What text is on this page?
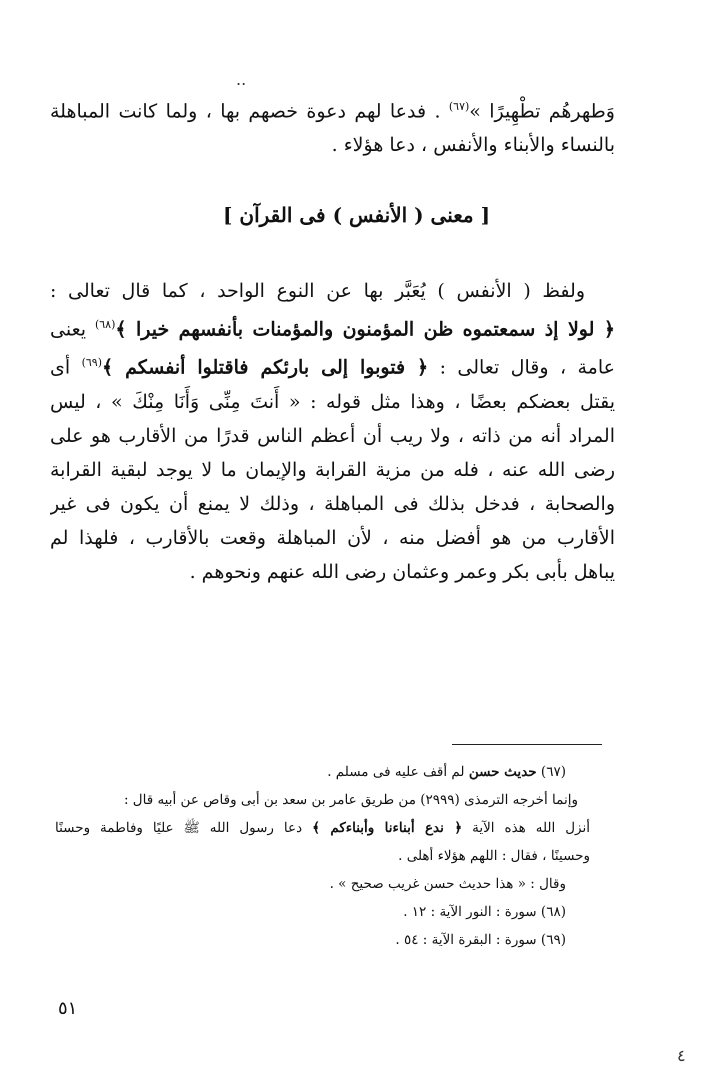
..
وَطهرهُم تطْهِيرًا »$^{(٦٧)}$ . فدعا لهم دعوة خصهم بها ، ولما كانت المباهلة
بالنساء والأبناء والأنفس ، دعا هؤلاء .
[ معنى ( الأنفس ) فى القرآن ]
ولفظ ( الأنفس ) يُعَبَّر بها عن النوع الواحد ، كما قال تعالى :
﴿ لولا إذ سمعتموه ظن المؤمنون والمؤمنات بأنفسهم خيرا ﴾$^{(٦٨)}$ يعنى
عامة ، وقال تعالى : ﴿ فتوبوا إلى بارئكم فاقتلوا أنفسكم ﴾$^{(٦٩)}$ أى
يقتل بعضكم بعضًا ، وهذا مثل قوله : « أَنتَ مِنِّى وَأَنَا مِنْكَ » ، ليس
المراد أنه من ذاته ، ولا ريب أن أعظم الناس قدرًا من الأقارب هو على
رضى الله عنه ، فله من مزية القرابة والإيمان ما لا يوجد لبقية القرابة
والصحابة ، فدخل بذلك فى المباهلة ، وذلك لا يمنع أن يكون فى غير
الأقارب من هو أفضل منه ، لأن المباهلة وقعت بالأقارب ، فلهذا لم
يباهل بأبى بكر وعمر وعثمان رضى الله عنهم ونحوهم .
(٦٧) حديث حسن لم أقف عليه فى مسلم .
وإنما أخرجه الترمذى (٢٩٩٩) من طريق عامر بن سعد بن أبى وقاص عن أبيه قال :
أنزل الله هذه الآية ﴿ ندع أبناءنا وأبناءكم ﴾ دعا رسول الله ﷺ عليًا وفاطمة وحسنًا
وحسينًا ، فقال : اللهم هؤلاء أهلى .
وقال : « هذا حديث حسن غريب صحيح » .
(٦٨) سورة : النور الآية : ١٢ .
(٦٩) سورة : البقرة الآية : ٥٤ .
٥١
٤
